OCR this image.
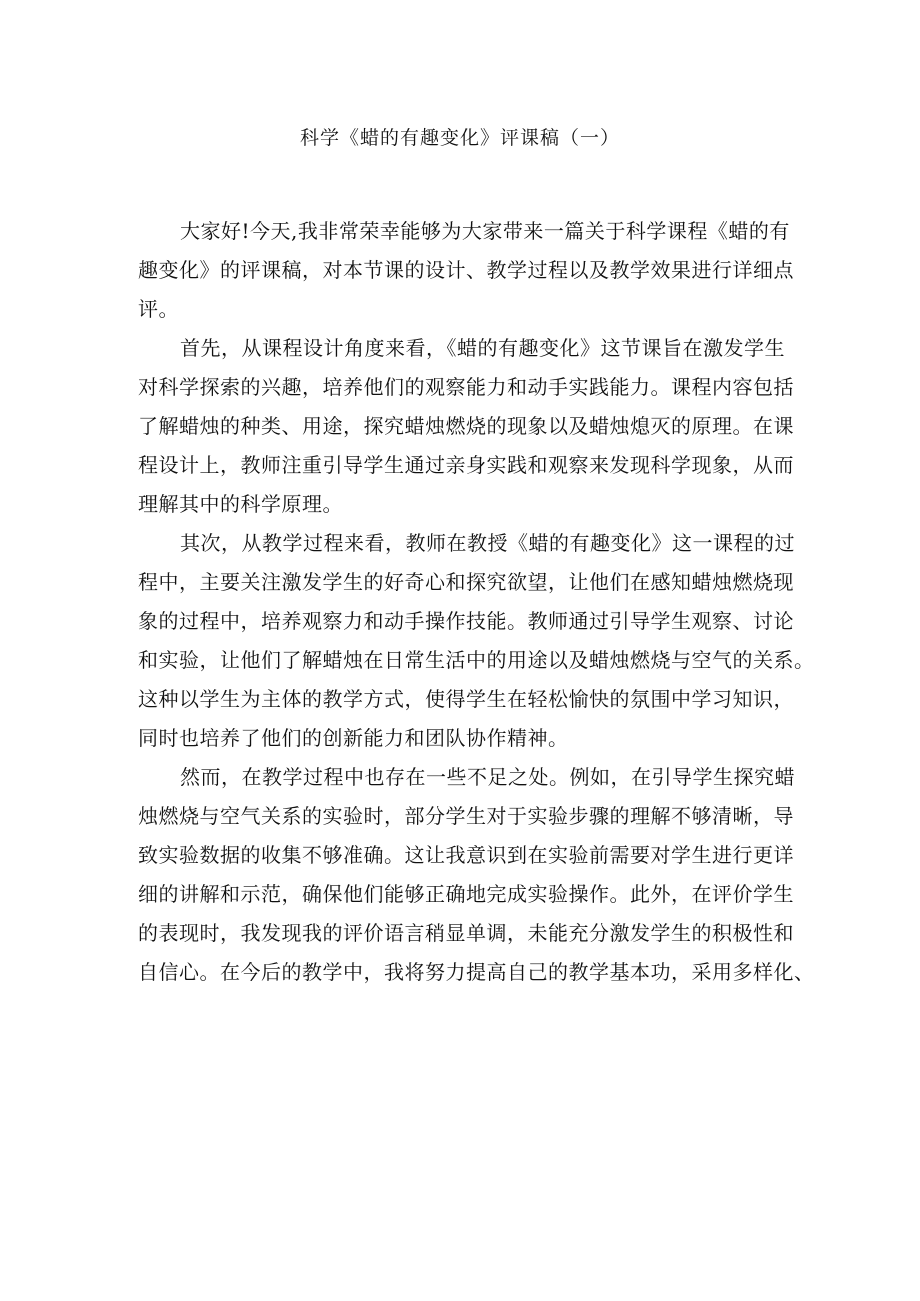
科学《蜡的有趣变化》评课稿（一）
大家好!今天,我非常荣幸能够为大家带来一篇关于科学课程《蜡的有
趣变化》的评课稿，对本节课的设计、教学过程以及教学效果进行详细点
评。
首先，从课程设计角度来看，《蜡的有趣变化》这节课旨在激发学生
对科学探索的兴趣，培养他们的观察能力和动手实践能力。课程内容包括
了解蜡烛的种类、用途，探究蜡烛燃烧的现象以及蜡烛熄灭的原理。在课
程设计上，教师注重引导学生通过亲身实践和观察来发现科学现象，从而
理解其中的科学原理。
其次，从教学过程来看，教师在教授《蜡的有趣变化》这一课程的过
程中，主要关注激发学生的好奇心和探究欲望，让他们在感知蜡烛燃烧现
象的过程中，培养观察力和动手操作技能。教师通过引导学生观察、讨论
和实验，让他们了解蜡烛在日常生活中的用途以及蜡烛燃烧与空气的关系。
这种以学生为主体的教学方式，使得学生在轻松愉快的氛围中学习知识，
同时也培养了他们的创新能力和团队协作精神。
然而，在教学过程中也存在一些不足之处。例如，在引导学生探究蜡
烛燃烧与空气关系的实验时，部分学生对于实验步骤的理解不够清晰，导
致实验数据的收集不够准确。这让我意识到在实验前需要对学生进行更详
细的讲解和示范，确保他们能够正确地完成实验操作。此外，在评价学生
的表现时，我发现我的评价语言稍显单调，未能充分激发学生的积极性和
自信心。在今后的教学中，我将努力提高自己的教学基本功，采用多样化、
